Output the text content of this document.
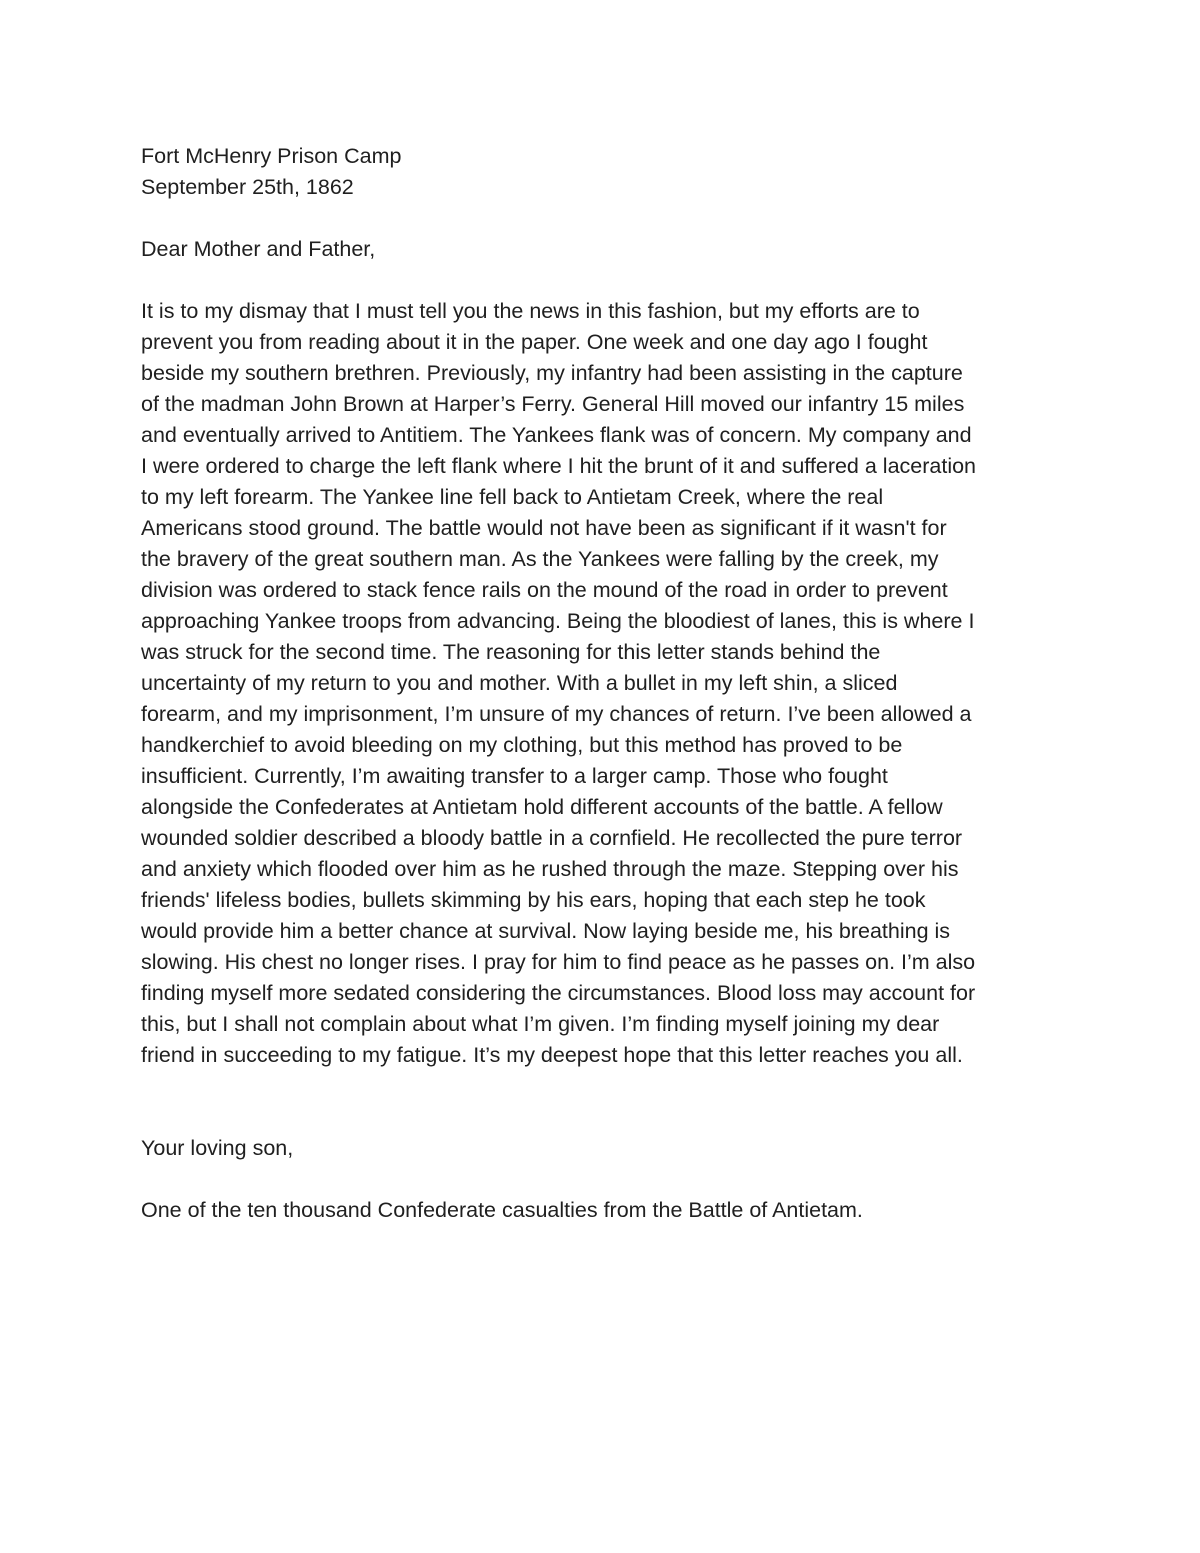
Fort McHenry Prison Camp

September 25th, 1862

Dear Mother and Father,

It is to my dismay that I must tell you the news in this fashion, but my efforts are to

prevent you from reading about it in the paper. One week and one day ago I fought

beside my southern brethren. Previously, my infantry had been assisting in the capture

of the madman John Brown at Harper’s Ferry. General Hill moved our infantry 15 miles

and eventually arrived to Antitiem. The Yankees flank was of concern. My company and

I were ordered to charge the left flank where I hit the brunt of it and suffered a laceration

to my left forearm. The Yankee line fell back to Antietam Creek, where the real

Americans stood ground. The battle would not have been as significant if it wasn't for

the bravery of the great southern man. As the Yankees were falling by the creek, my

division was ordered to stack fence rails on the mound of the road in order to prevent

approaching Yankee troops from advancing. Being the bloodiest of lanes, this is where I

was struck for the second time. The reasoning for this letter stands behind the

uncertainty of my return to you and mother. With a bullet in my left shin, a sliced

forearm, and my imprisonment, I’m unsure of my chances of return. I’ve been allowed a

handkerchief to avoid bleeding on my clothing, but this method has proved to be

insufficient. Currently, I’m awaiting transfer to a larger camp. Those who fought

alongside the Confederates at Antietam hold different accounts of the battle. A fellow

wounded soldier described a bloody battle in a cornfield. He recollected the pure terror

and anxiety which flooded over him as he rushed through the maze. Stepping over his

friends' lifeless bodies, bullets skimming by his ears, hoping that each step he took

would provide him a better chance at survival. Now laying beside me, his breathing is

slowing. His chest no longer rises. I pray for him to find peace as he passes on. I’m also

finding myself more sedated considering the circumstances. Blood loss may account for

this, but I shall not complain about what I’m given. I’m finding myself joining my dear

friend in succeeding to my fatigue. It’s my deepest hope that this letter reaches you all.

Your loving son,

One of the ten thousand Confederate casualties from the Battle of Antietam.
